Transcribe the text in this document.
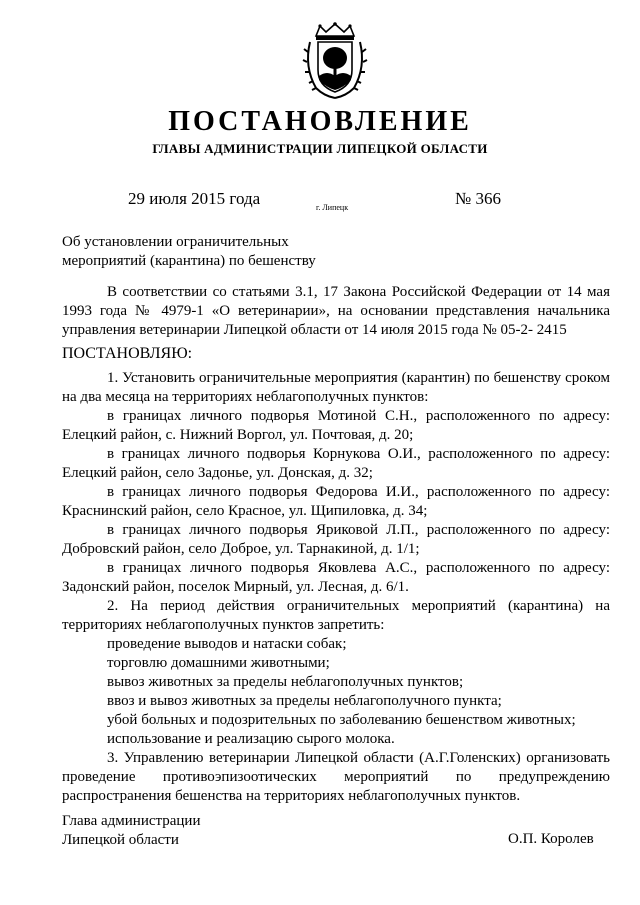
ПОСТАНОВЛЕНИЕ
ГЛАВЫ АДМИНИСТРАЦИИ ЛИПЕЦКОЙ ОБЛАСТИ
29 июля 2015 года	г. Липецк	№ 366
Об установлении ограничительных
мероприятий (карантина) по бешенству

В соответствии со статьями 3.1, 17 Закона Российской Федерации от 14 мая 1993 года № 4979-1 «О ветеринарии», на основании представления начальника управления ветеринарии Липецкой области от 14 июля 2015 года № 05-2- 2415

ПОСТАНОВЛЯЮ:

1. Установить ограничительные мероприятия (карантин) по бешенству сроком на два месяца на территориях неблагополучных пунктов:

в границах личного подворья Мотиной С.Н., расположенного по адресу: Елецкий район, с. Нижний Воргол, ул. Почтовая, д. 20;

в границах личного подворья Корнукова О.И., расположенного по адресу: Елецкий район, село Задонье, ул. Донская, д. 32;

в границах личного подворья Федорова И.И., расположенного по адресу: Краснинский район, село Красное, ул. Щипиловка, д. 34;

в границах личного подворья Яриковой Л.П., расположенного по адресу: Добровский район, село Доброе, ул. Тарнакиной, д. 1/1;

в границах личного подворья Яковлева А.С., расположенного по адресу: Задонский район, поселок Мирный, ул. Лесная, д. 6/1.

2. На период действия ограничительных мероприятий (карантина) на территориях неблагополучных пунктов запретить:

проведение выводов и натаски собак;

торговлю домашними животными;

вывоз животных за пределы неблагополучных пунктов;

ввоз и вывоз животных за пределы неблагополучного пункта;

убой больных и подозрительных по заболеванию бешенством животных;

использование и реализацию сырого молока.

3. Управлению ветеринарии Липецкой области (А.Г.Голенских) организовать проведение противоэпизоотических мероприятий по предупреждению распространения бешенства на территориях неблагополучных пунктов.

Глава администрации
Липецкой области	О.П. Королев
